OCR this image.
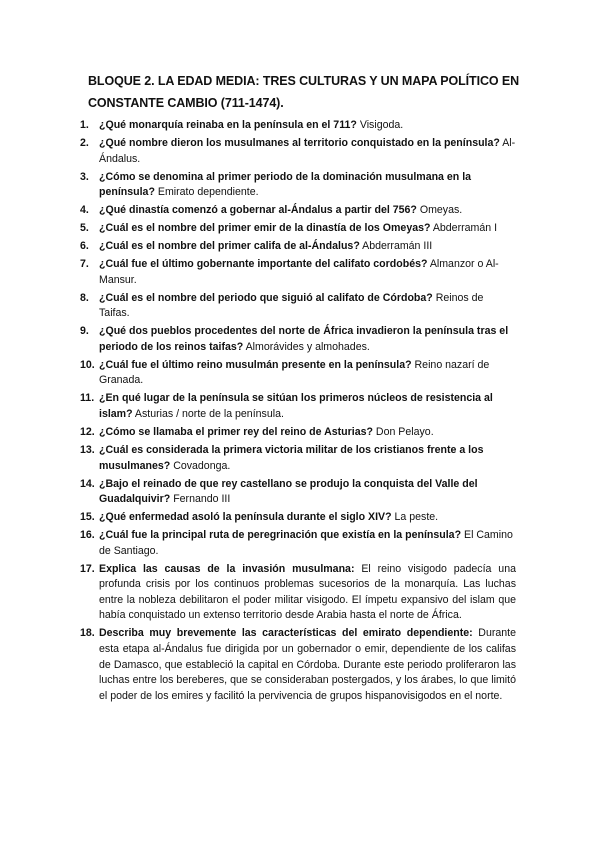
BLOQUE 2. LA EDAD MEDIA: TRES CULTURAS Y UN MAPA POLÍTICO EN CONSTANTE CAMBIO (711-1474).
1. ¿Qué monarquía reinaba en la península en el 711? Visigoda.
2. ¿Qué nombre dieron los musulmanes al territorio conquistado en la península? Al-Ándalus.
3. ¿Cómo se denomina al primer periodo de la dominación musulmana en la península? Emirato dependiente.
4. ¿Qué dinastía comenzó a gobernar al-Ándalus a partir del 756? Omeyas.
5. ¿Cuál es el nombre del primer emir de la dinastía de los Omeyas? Abderramán I
6. ¿Cuál es el nombre del primer califa de al-Ándalus? Abderramán III
7. ¿Cuál fue el último gobernante importante del califato cordobés? Almanzor o Al-Mansur.
8. ¿Cuál es el nombre del periodo que siguió al califato de Córdoba? Reinos de Taifas.
9. ¿Qué dos pueblos procedentes del norte de África invadieron la península tras el periodo de los reinos taifas? Almorávides y almohades.
10. ¿Cuál fue el último reino musulmán presente en la península? Reino nazarí de Granada.
11. ¿En qué lugar de la península se sitúan los primeros núcleos de resistencia al islam? Asturias / norte de la península.
12. ¿Cómo se llamaba el primer rey del reino de Asturias? Don Pelayo.
13. ¿Cuál es considerada la primera victoria militar de los cristianos frente a los musulmanes? Covadonga.
14. ¿Bajo el reinado de que rey castellano se produjo la conquista del Valle del Guadalquivir? Fernando III
15. ¿Qué enfermedad asoló la península durante el siglo XIV? La peste.
16. ¿Cuál fue la principal ruta de peregrinación que existía en la península? El Camino de Santiago.
17. Explica las causas de la invasión musulmana: El reino visigodo padecía una profunda crisis por los continuos problemas sucesorios de la monarquía. Las luchas entre la nobleza debilitaron el poder militar visigodo. El ímpetu expansivo del islam que había conquistado un extenso territorio desde Arabia hasta el norte de África.
18. Describa muy brevemente las características del emirato dependiente: Durante esta etapa al-Ándalus fue dirigida por un gobernador o emir, dependiente de los califas de Damasco, que estableció la capital en Córdoba. Durante este periodo proliferaron las luchas entre los bereberes, que se consideraban postergados, y los árabes, lo que limitó el poder de los emires y facilitó la pervivencia de grupos hispanovisigodos en el norte.
